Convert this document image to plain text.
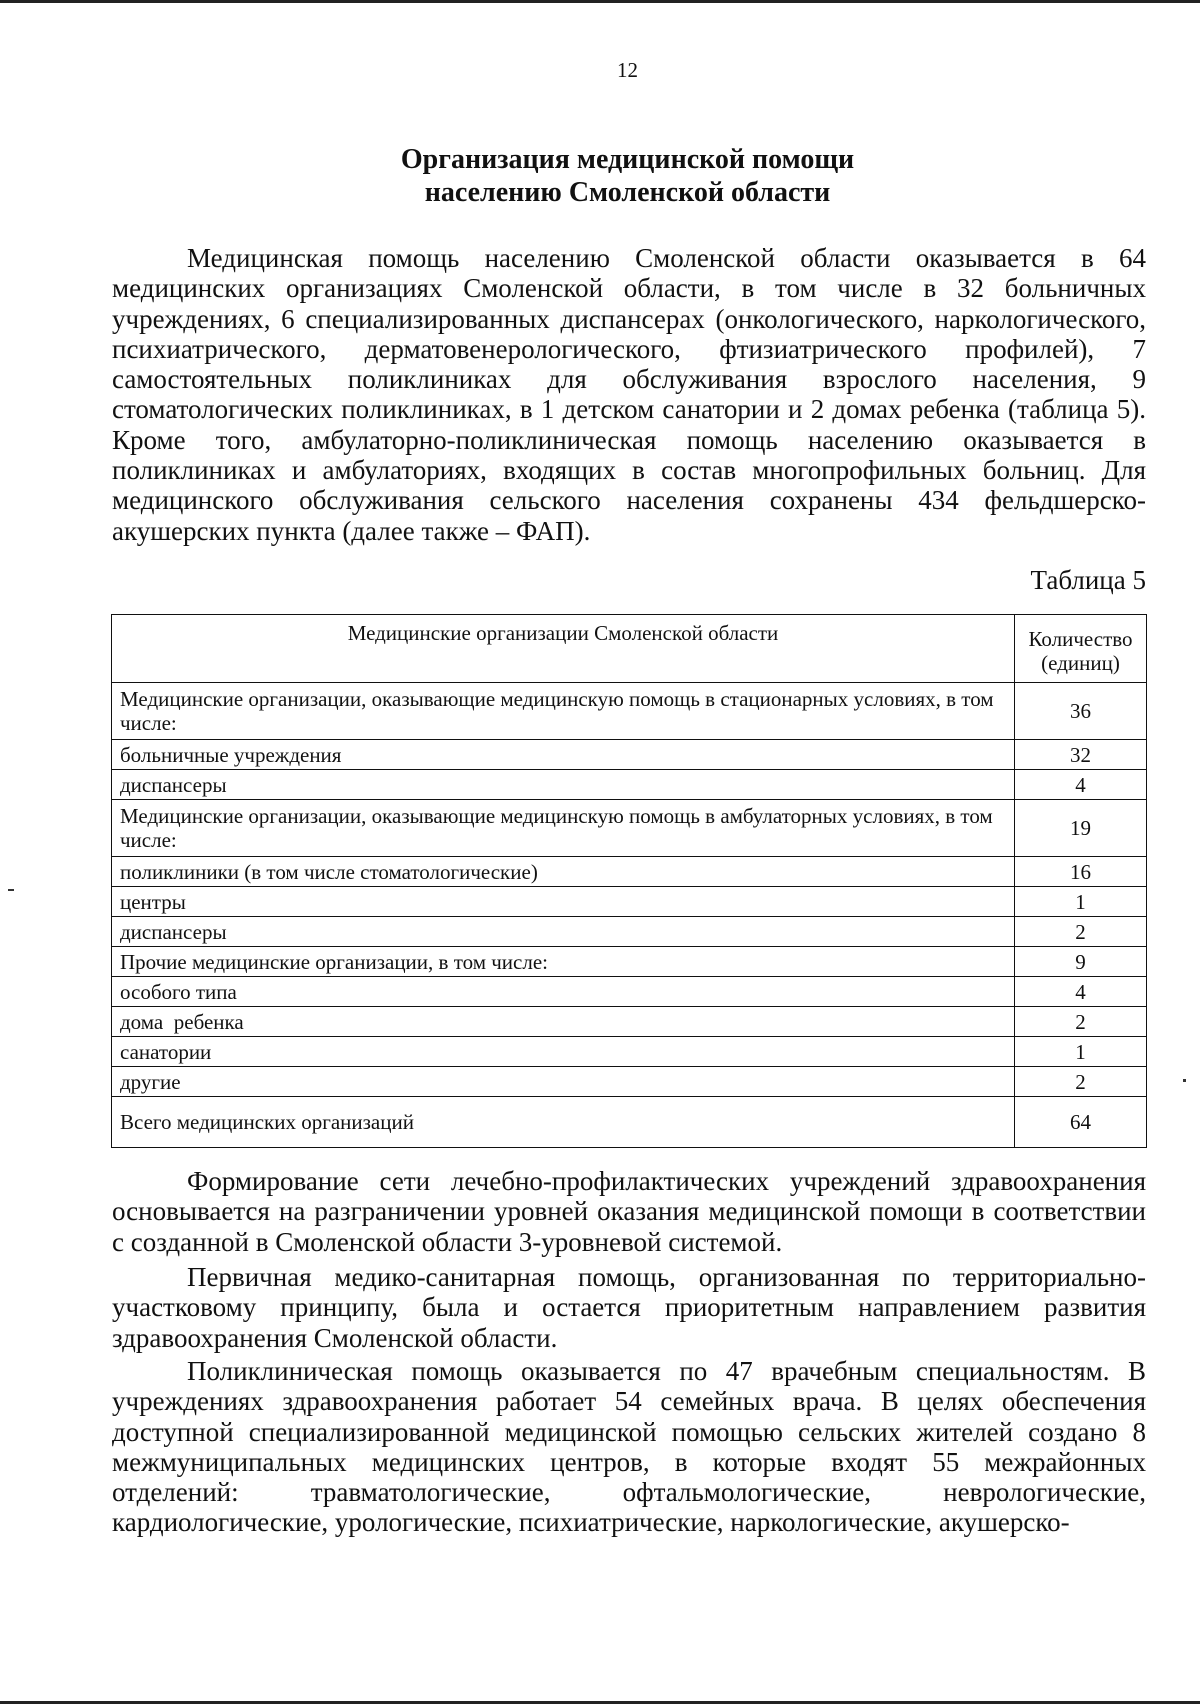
12
Организация медицинской помощи
населению Смоленской области
Медицинская помощь населению Смоленской области оказывается в 64 медицинских организациях Смоленской области, в том числе в 32 больничных учреждениях, 6 специализированных диспансерах (онкологического, наркологического, психиатрического, дерматовенерологического, фтизиатрического профилей), 7 самостоятельных поликлиниках для обслуживания взрослого населения, 9 стоматологических поликлиниках, в 1 детском санатории и 2 домах ребенка (таблица 5). Кроме того, амбулаторно-поликлиническая помощь населению оказывается в поликлиниках и амбулаториях, входящих в состав многопрофильных больниц. Для медицинского обслуживания сельского населения сохранены 434 фельдшерско-акушерских пункта (далее также – ФАП).
Таблица 5
Медицинские организации Смоленской области	Количество
(единиц)

Медицинские организации, оказывающие медицинскую помощь в стационарных условиях, в том числе:	36
больничные учреждения	32
диспансеры	4
Медицинские организации, оказывающие медицинскую помощь в амбулаторных условиях, в том числе:	19
поликлиники (в том числе стоматологические)	16
центры	1
диспансеры	2
Прочие медицинские организации, в том числе:	9
особого типа	4
дома  ребенка	2
санатории	1
другие	2
Всего медицинских организаций	64
Формирование сети лечебно-профилактических учреждений здравоохранения основывается на разграничении уровней оказания медицинской помощи в соответствии с созданной в Смоленской области 3-уровневой системой.
Первичная медико-санитарная помощь, организованная по территориально-участковому принципу, была и остается приоритетным направлением развития здравоохранения Смоленской области.
Поликлиническая помощь оказывается по 47 врачебным специальностям. В учреждениях здравоохранения работает 54 семейных врача. В целях обеспечения доступной специализированной медицинской помощью сельских жителей создано 8 межмуниципальных медицинских центров, в которые входят 55 межрайонных отделений: травматологические, офтальмологические, неврологические, кардиологические, урологические, психиатрические, наркологические, акушерско-
